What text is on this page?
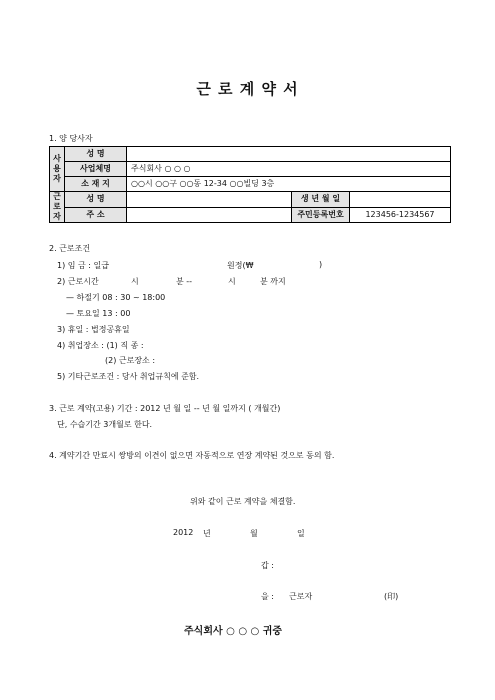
근 로 계 약 서
1. 양 당사자
사
용
자	성 명			
	사업체명	주식회사 ○ ○ ○		
	소 재 지	○○시 ○○구 ○○동 12-34 ○○빌딩 3층		

근
로
자	성 명		생 년 월 일	
	주 소		주민등록번호	123456-1234567
2. 근로조건
1) 임 금 : 일급	원정(₩	)
2) 근로시간	시	분 --	시	분 까지
— 하절기 08 : 30 ~ 18:00
— 토요일 13 : 00
3) 휴일 : 법정공휴일
4) 취업장소 : (1) 직 종 :
(2) 근로장소 :
5) 기타근로조건 : 당사 취업규칙에 준함.
3. 근로 계약(고용) 기간 : 2012 년 월 일 -- 년 월 일까지 ( 개월간)
단, 수습기간 3개월로 한다.
4. 계약기간 만료시 쌍방의 이견이 없으면 자동적으로 연장 계약된 것으로 동의 함.
위와 같이 근로 계약을 체결함.
2012 년	월	일
갑 :
을 : 근로자	(印)
주식회사 ○ ○ ○ 귀중
